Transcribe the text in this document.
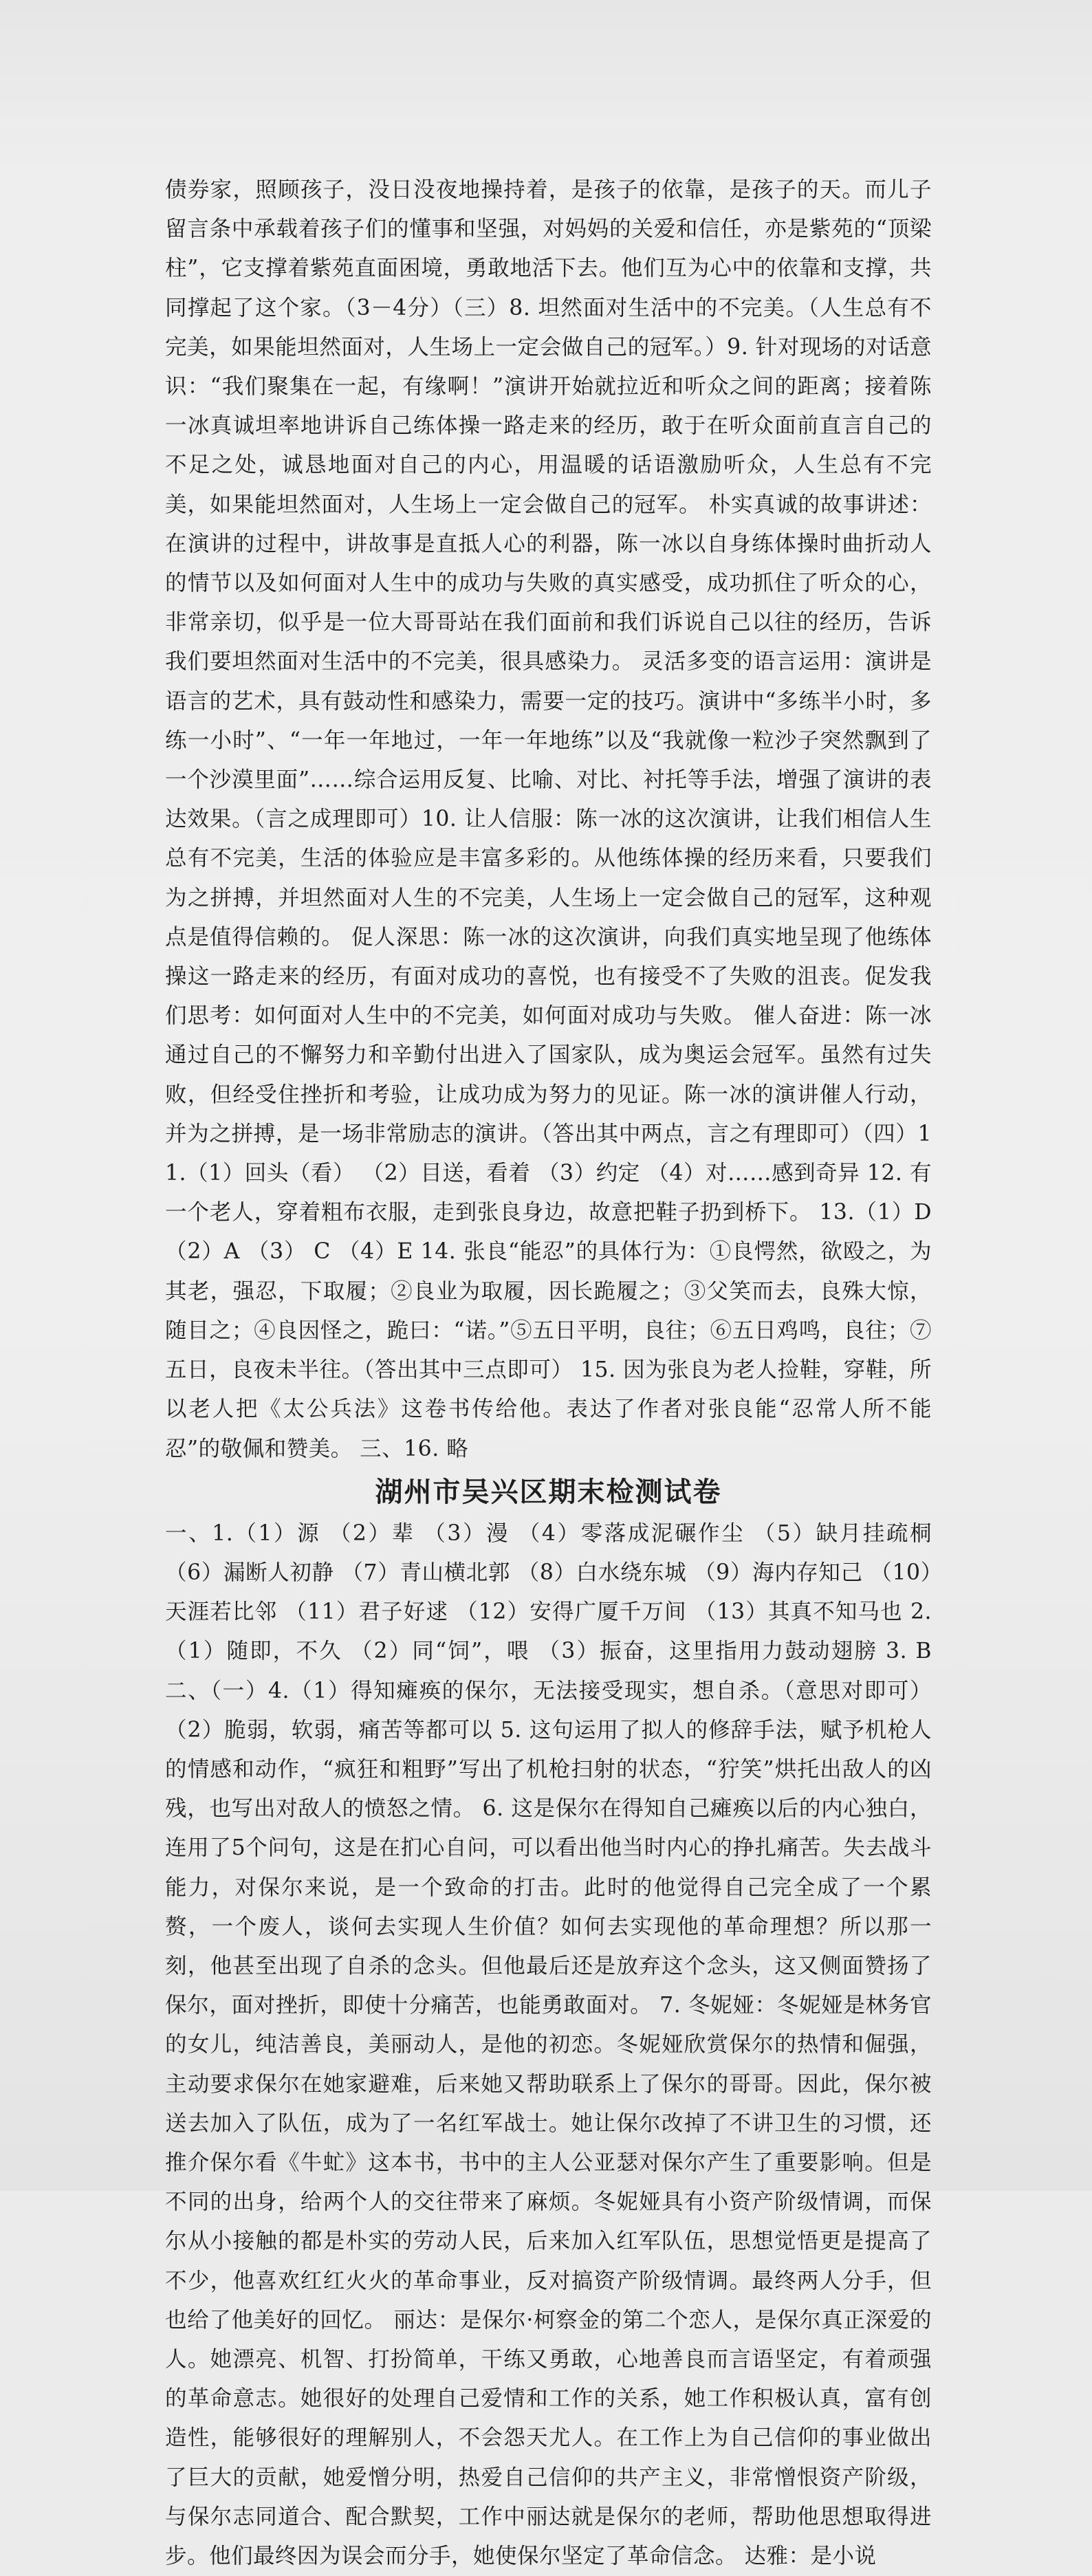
债券家，照顾孩子，没日没夜地操持着，是孩子的依靠，是孩子的天。而儿子留言条中承载着孩子们的懂事和坚强，对妈妈的关爱和信任，亦是紫苑的“顶梁柱”，它支撑着紫苑直面困境，勇敢地活下去。他们互为心中的依靠和支撑，共同撑起了这个家。（3－4分）（三）8. 坦然面对生活中的不完美。（人生总有不完美，如果能坦然面对，人生场上一定会做自己的冠军。）9. 针对现场的对话意识：“我们聚集在一起，有缘啊！”演讲开始就拉近和听众之间的距离；接着陈一冰真诚坦率地讲诉自己练体操一路走来的经历，敢于在听众面前直言自己的不足之处，诚恳地面对自己的内心，用温暖的话语激励听众，人生总有不完美，如果能坦然面对，人生场上一定会做自己的冠军。 朴实真诚的故事讲述：在演讲的过程中，讲故事是直抵人心的利器，陈一冰以自身练体操时曲折动人的情节以及如何面对人生中的成功与失败的真实感受，成功抓住了听众的心，非常亲切，似乎是一位大哥哥站在我们面前和我们诉说自己以往的经历，告诉我们要坦然面对生活中的不完美，很具感染力。 灵活多变的语言运用：演讲是语言的艺术，具有鼓动性和感染力，需要一定的技巧。演讲中“多练半小时，多练一小时”、“一年一年地过，一年一年地练”以及“我就像一粒沙子突然飘到了一个沙漠里面”……综合运用反复、比喻、对比、衬托等手法，增强了演讲的表达效果。（言之成理即可）10. 让人信服：陈一冰的这次演讲，让我们相信人生总有不完美，生活的体验应是丰富多彩的。从他练体操的经历来看，只要我们为之拼搏，并坦然面对人生的不完美，人生场上一定会做自己的冠军，这种观点是值得信赖的。 促人深思：陈一冰的这次演讲，向我们真实地呈现了他练体操这一路走来的经历，有面对成功的喜悦，也有接受不了失败的沮丧。促发我们思考：如何面对人生中的不完美，如何面对成功与失败。 催人奋进：陈一冰通过自己的不懈努力和辛勤付出进入了国家队，成为奥运会冠军。虽然有过失败，但经受住挫折和考验，让成功成为努力的见证。陈一冰的演讲催人行动，并为之拼搏，是一场非常励志的演讲。（答出其中两点，言之有理即可）（四）11.（1）回头（看） （2）目送，看着 （3）约定 （4）对……感到奇异 12. 有一个老人，穿着粗布衣服，走到张良身边，故意把鞋子扔到桥下。 13.（1）D （2）A （3） C （4）E 14. 张良“能忍”的具体行为：①良愕然，欲殴之，为其老，强忍，下取履；②良业为取履，因长跪履之；③父笑而去，良殊大惊，随目之；④良因怪之，跪曰：“诺。”⑤五日平明，良往；⑥五日鸡鸣，良往；⑦五日，良夜未半往。（答出其中三点即可） 15. 因为张良为老人捡鞋，穿鞋，所以老人把《太公兵法》这卷书传给他。表达了作者对张良能“忍常人所不能忍”的敬佩和赞美。 三、16. 略

湖州市吴兴区期末检测试卷

一、1.（1）源 （2）辈 （3）漫 （4）零落成泥碾作尘 （5）缺月挂疏桐 （6）漏断人初静 （7）青山横北郭 （8）白水绕东城 （9）海内存知己 （10）天涯若比邻 （11）君子好逑 （12）安得广厦千万间 （13）其真不知马也 2.（1）随即，不久 （2）同“饲”，喂 （3）振奋，这里指用力鼓动翅膀 3. B 二、（一）4.（1）得知瘫痪的保尔，无法接受现实，想自杀。（意思对即可） （2）脆弱，软弱，痛苦等都可以 5. 这句运用了拟人的修辞手法，赋予机枪人的情感和动作，“疯狂和粗野”写出了机枪扫射的状态，“狞笑”烘托出敌人的凶残，也写出对敌人的愤怒之情。 6. 这是保尔在得知自己瘫痪以后的内心独白，连用了5个问句，这是在扪心自问，可以看出他当时内心的挣扎痛苦。失去战斗能力，对保尔来说，是一个致命的打击。此时的他觉得自己完全成了一个累赘，一个废人，谈何去实现人生价值？如何去实现他的革命理想？所以那一刻，他甚至出现了自杀的念头。但他最后还是放弃这个念头，这又侧面赞扬了保尔，面对挫折，即使十分痛苦，也能勇敢面对。 7. 冬妮娅：冬妮娅是林务官的女儿，纯洁善良，美丽动人，是他的初恋。冬妮娅欣赏保尔的热情和倔强，主动要求保尔在她家避难，后来她又帮助联系上了保尔的哥哥。因此，保尔被送去加入了队伍，成为了一名红军战士。她让保尔改掉了不讲卫生的习惯，还推介保尔看《牛虻》这本书，书中的主人公亚瑟对保尔产生了重要影响。但是不同的出身，给两个人的交往带来了麻烦。冬妮娅具有小资产阶级情调，而保尔从小接触的都是朴实的劳动人民，后来加入红军队伍，思想觉悟更是提高了不少，他喜欢红红火火的革命事业，反对搞资产阶级情调。最终两人分手，但也给了他美好的回忆。 丽达：是保尔·柯察金的第二个恋人，是保尔真正深爱的人。她漂亮、机智、打扮简单，干练又勇敢，心地善良而言语坚定，有着顽强的革命意志。她很好的处理自己爱情和工作的关系，她工作积极认真，富有创造性，能够很好的理解别人，不会怨天尤人。在工作上为自己信仰的事业做出了巨大的贡献，她爱憎分明，热爱自己信仰的共产主义，非常憎恨资产阶级，与保尔志同道合、配合默契，工作中丽达就是保尔的老师，帮助他思想取得进步。他们最终因为误会而分手，她使保尔坚定了革命信念。 达雅：是小说
